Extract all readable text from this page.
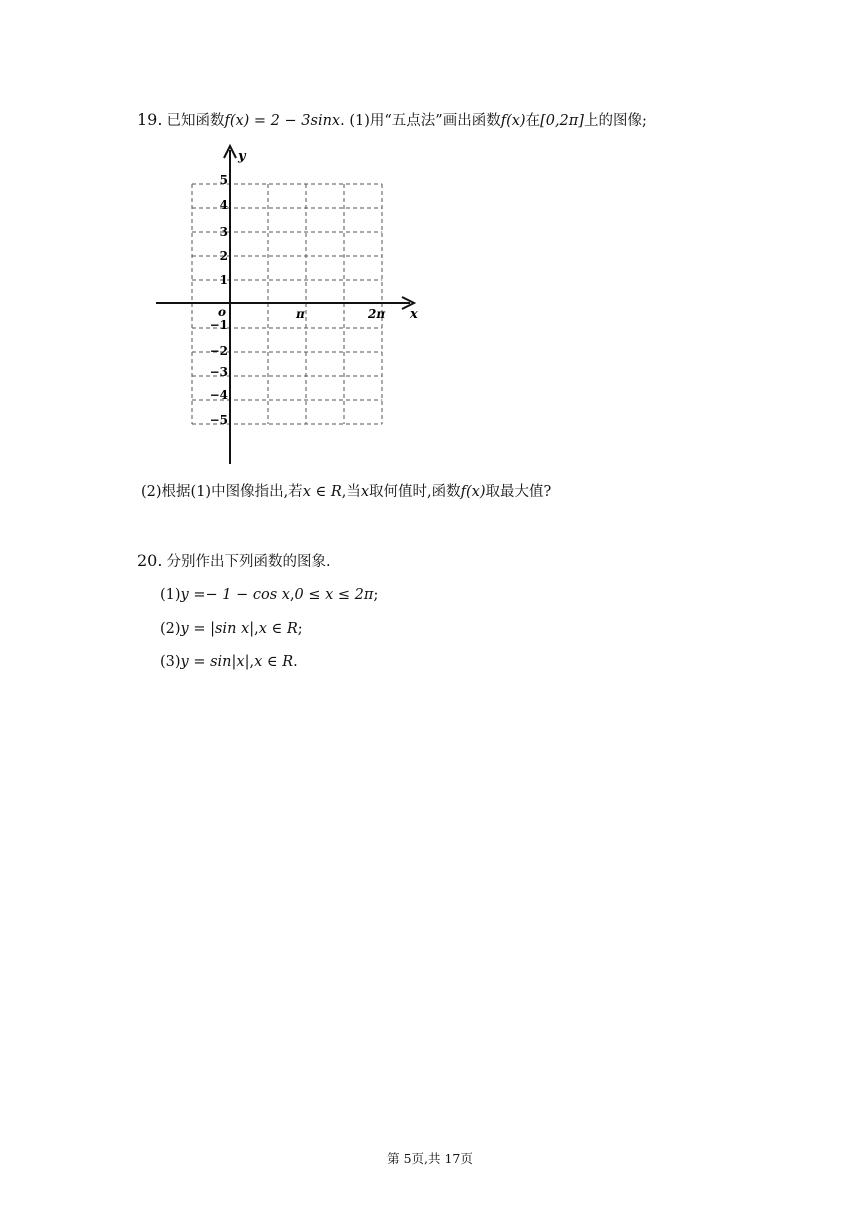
19. 已知函数f(x) = 2 − 3sinx. (1)用“五点法”画出函数f(x)在[0,2π]上的图像;
y
x
o	π	2π
5
4
3
2
1
−1
−2
−3
−4
−5
(2)根据(1)中图像指出,若x ∈ R,当x取何值时,函数f(x)取最大值?
20. 分别作出下列函数的图象.
(1)y =− 1 − cos x,0 ≤ x ≤ 2π;
(2)y = |sin x|,x ∈ R;
(3)y = sin|x|,x ∈ R.
第 5页,共 17页
